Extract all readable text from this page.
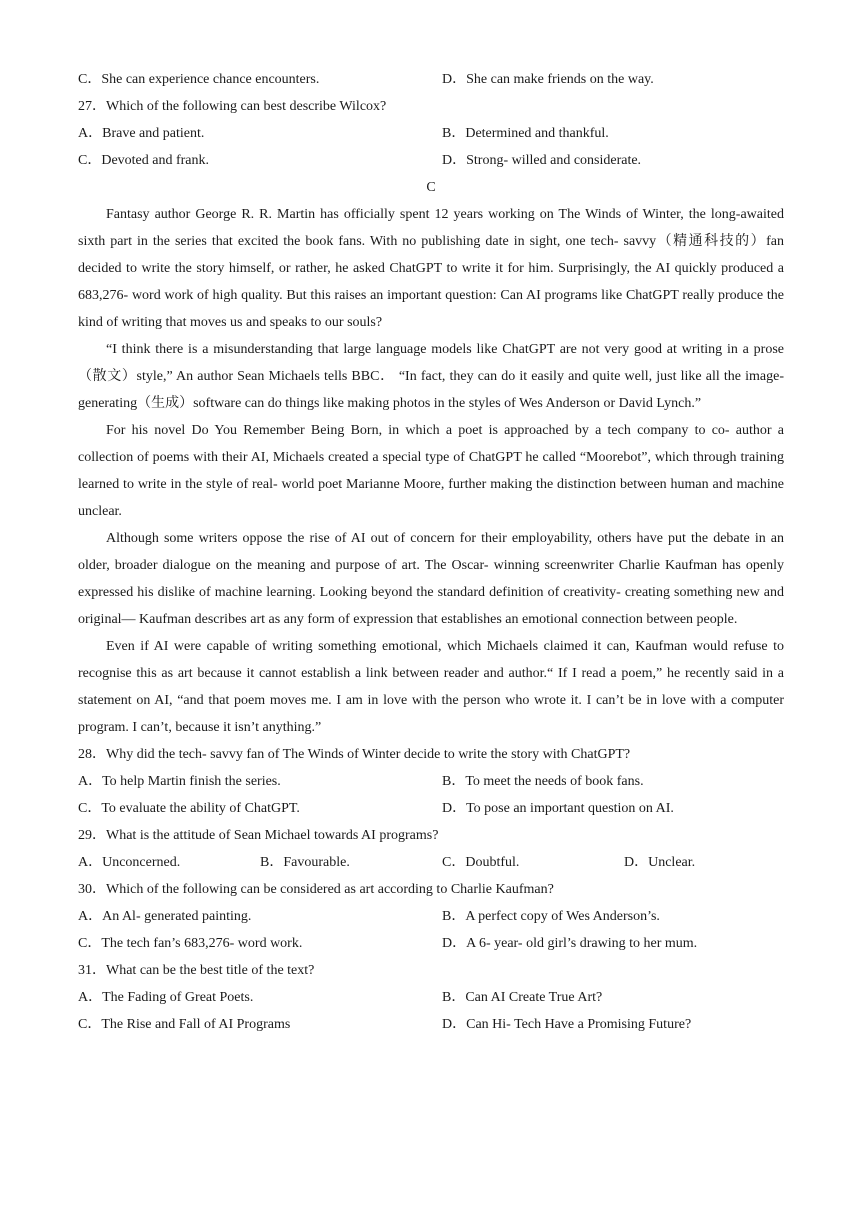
C．She can experience chance encounters.	D．She can make friends on the way.
27．Which of the following can best describe Wilcox?
A．Brave and patient.	B．Determined and thankful.
C．Devoted and frank.	D．Strong- willed and considerate.
C

Fantasy author George R. R. Martin has officially spent 12 years working on The Winds of Winter, the long-awaited sixth part in the series that excited the book fans. With no publishing date in sight, one tech- savvy（精通科技的）fan decided to write the story himself, or rather, he asked ChatGPT to write it for him. Surprisingly, the AI quickly produced a 683,276- word work of high quality. But this raises an important question: Can AI programs like ChatGPT really produce the kind of writing that moves us and speaks to our souls?

“I think there is a misunderstanding that large language models like ChatGPT are not very good at writing in a prose（散文）style,” An author Sean Michaels tells BBC． “In fact, they can do it easily and quite well, just like all the image- generating（生成）software can do things like making photos in the styles of Wes Anderson or David Lynch.”

For his novel Do You Remember Being Born, in which a poet is approached by a tech company to co- author a collection of poems with their AI, Michaels created a special type of ChatGPT he called “Moorebot”, which through training learned to write in the style of real- world poet Marianne Moore, further making the distinction between human and machine unclear.

Although some writers oppose the rise of AI out of concern for their employability, others have put the debate in an older, broader dialogue on the meaning and purpose of art. The Oscar- winning screenwriter Charlie Kaufman has openly expressed his dislike of machine learning. Looking beyond the standard definition of creativity- creating something new and original— Kaufman describes art as any form of expression that establishes an emotional connection between people.

Even if AI were capable of writing something emotional, which Michaels claimed it can, Kaufman would refuse to recognise this as art because it cannot establish a link between reader and author.“ If I read a poem,” he recently said in a statement on AI, “and that poem moves me. I am in love with the person who wrote it. I can’t be in love with a computer program. I can’t, because it isn’t anything.”

28．Why did the tech- savvy fan of The Winds of Winter decide to write the story with ChatGPT?
A．To help Martin finish the series.	B．To meet the needs of book fans.
C．To evaluate the ability of ChatGPT.	D．To pose an important question on AI.
29．What is the attitude of Sean Michael towards AI programs?
A．Unconcerned.	B．Favourable.	C．Doubtful.	D．Unclear.
30．Which of the following can be considered as art according to Charlie Kaufman?
A．An Al- generated painting.	B．A perfect copy of Wes Anderson’s.
C．The tech fan’s 683,276- word work.	D．A 6- year- old girl’s drawing to her mum.
31．What can be the best title of the text?
A．The Fading of Great Poets.	B．Can AI Create True Art?
C．The Rise and Fall of AI Programs	D．Can Hi- Tech Have a Promising Future?
